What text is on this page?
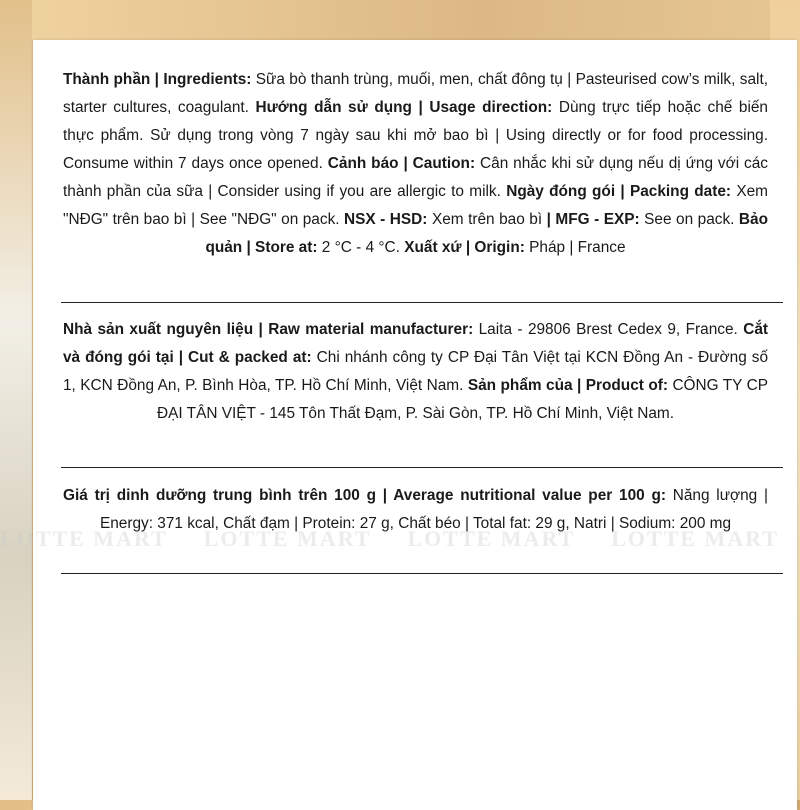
Thành phần | Ingredients: Sữa bò thanh trùng, muối, men, chất đông tụ | Pasteurised cow’s milk, salt, starter cultures, coagulant. Hướng dẫn sử dụng | Usage direction: Dùng trực tiếp hoặc chế biến thực phẩm. Sử dụng trong vòng 7 ngày sau khi mở bao bì | Using directly or for food processing. Consume within 7 days once opened. Cảnh báo | Caution: Cân nhắc khi sử dụng nếu dị ứng với các thành phần của sữa | Consider using if you are allergic to milk. Ngày đóng gói | Packing date: Xem "NĐG" trên bao bì | See "NĐG" on pack. NSX - HSD: Xem trên bao bì | MFG - EXP: See on pack. Bảo quản | Store at: 2 °C - 4 °C. Xuất xứ | Origin: Pháp | France
Nhà sản xuất nguyên liệu | Raw material manufacturer: Laita - 29806 Brest Cedex 9, France. Cắt và đóng gói tại | Cut & packed at: Chi nhánh công ty CP Đại Tân Việt tại KCN Đồng An - Đường số 1, KCN Đồng An, P. Bình Hòa, TP. Hồ Chí Minh, Việt Nam. Sản phẩm của | Product of: CÔNG TY CP ĐẠI TÂN VIỆT - 145 Tôn Thất Đạm, P. Sài Gòn, TP. Hồ Chí Minh, Việt Nam.
Giá trị dinh dưỡng trung bình trên 100 g | Average nutritional value per 100 g: Năng lượng | Energy: 371 kcal, Chất đạm | Protein: 27 g, Chất béo | Total fat: 29 g, Natri | Sodium: 200 mg
LOTTE MART LOTTE MART LOTTE MART LOTTE MART
